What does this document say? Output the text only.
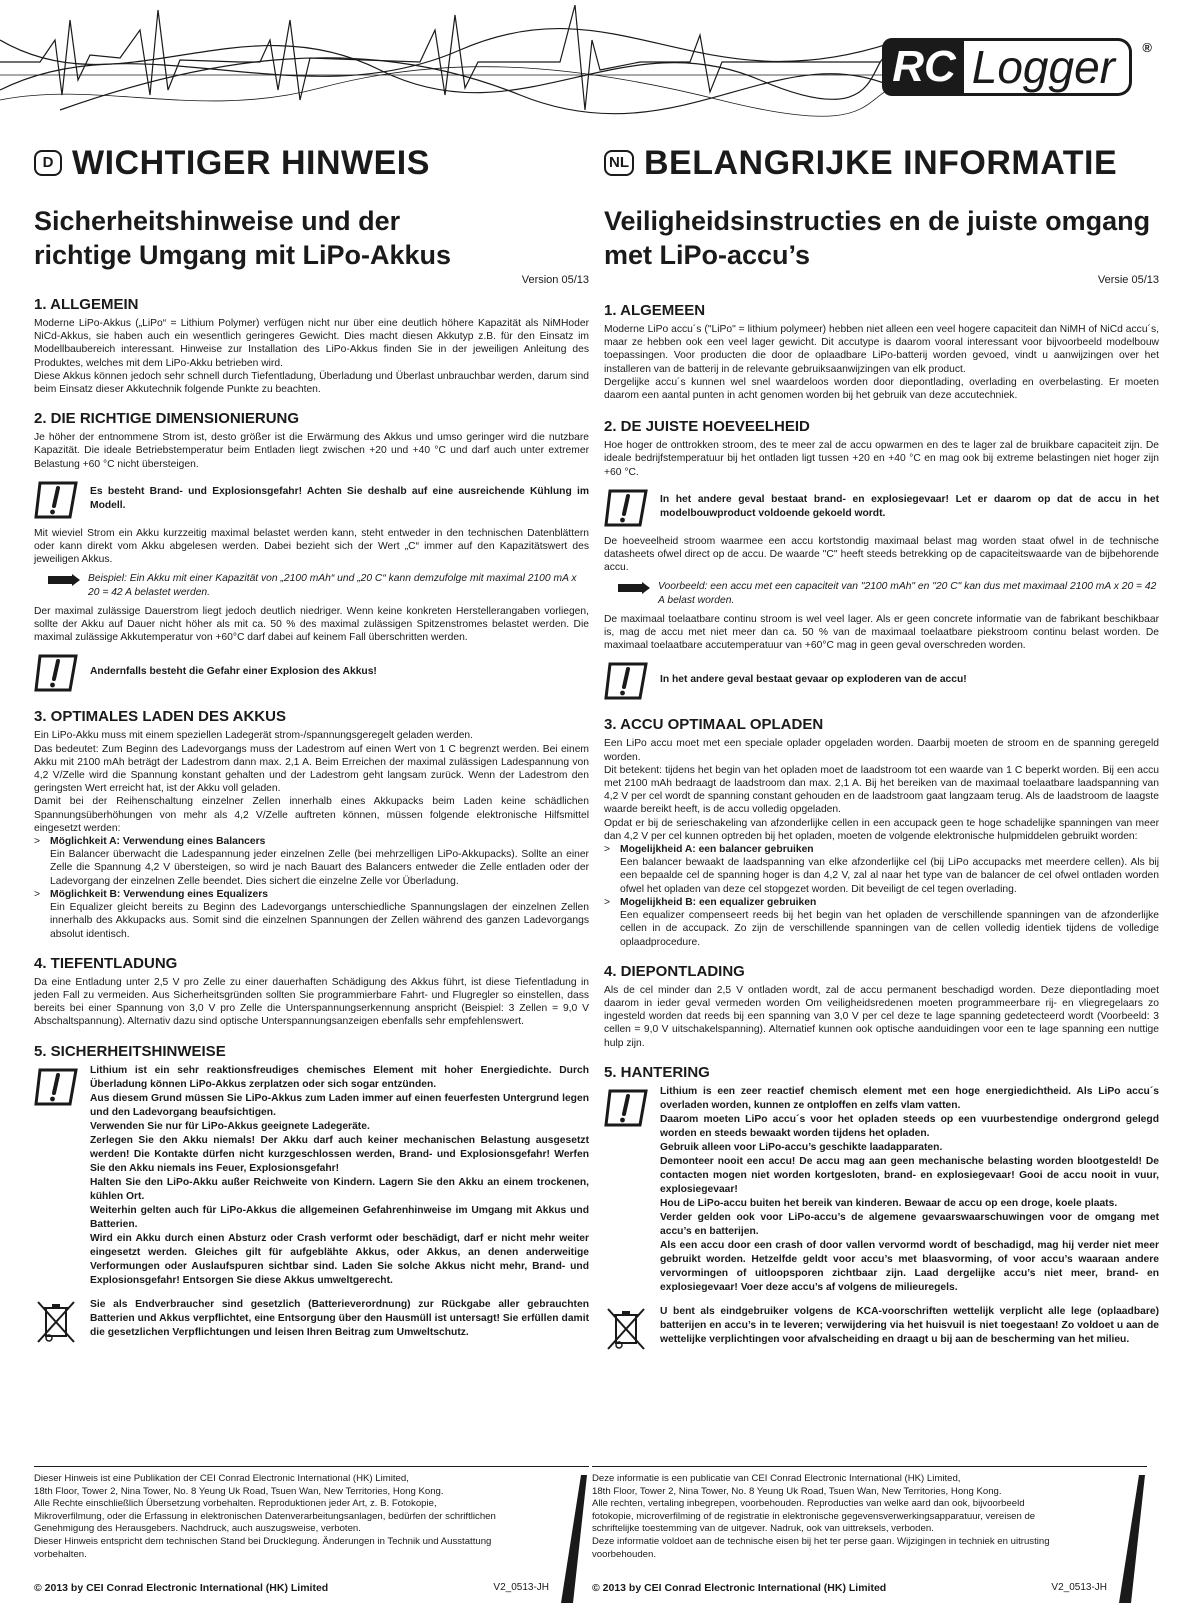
RC Logger	®
D WICHTIGER HINWEIS
Sicherheitshinweise und der richtige Umgang mit LiPo-Akkus
Version 05/13
1. ALLGEMEIN

Moderne LiPo-Akkus („LiPo“ = Lithium Polymer) verfügen nicht nur über eine deutlich höhere Kapazität als NiMHoder NiCd-Akkus, sie haben auch ein wesentlich geringeres Gewicht. Dies macht diesen Akkutyp z.B. für den Einsatz im Modellbaubereich interessant. Hinweise zur Installation des LiPo-Akkus finden Sie in der jeweiligen Anleitung des Produktes, welches mit dem LiPo-Akku betrieben wird.

Diese Akkus können jedoch sehr schnell durch Tiefentladung, Überladung und Überlast unbrauchbar werden, darum sind beim Einsatz dieser Akkutechnik folgende Punkte zu beachten.

2. DIE RICHTIGE DIMENSIONIERUNG

Je höher der entnommene Strom ist, desto größer ist die Erwärmung des Akkus und umso geringer wird die nutzbare Kapazität. Die ideale Betriebstemperatur beim Entladen liegt zwischen +20 und +40 °C und darf auch unter extremer Belastung +60 °C nicht übersteigen.

Es besteht Brand- und Explosionsgefahr! Achten Sie deshalb auf eine ausreichende Kühlung im Modell.

Mit wieviel Strom ein Akku kurzzeitig maximal belastet werden kann, steht entweder in den technischen Datenblättern oder kann direkt vom Akku abgelesen werden. Dabei bezieht sich der Wert „C“ immer auf den Kapazitätswert des jeweiligen Akkus.

Beispiel: Ein Akku mit einer Kapazität von „2100 mAh“ und „20 C“ kann demzufolge mit maximal 2100 mA x 20 = 42 A belastet werden.

Der maximal zulässige Dauerstrom liegt jedoch deutlich niedriger. Wenn keine konkreten Herstellerangaben vorliegen, sollte der Akku auf Dauer nicht höher als mit ca. 50 % des maximal zulässigen Spitzenstromes belastet werden. Die maximal zulässige Akkutemperatur von +60°C darf dabei auf keinem Fall überschritten werden.

Andernfalls besteht die Gefahr einer Explosion des Akkus!
3. OPTIMALES LADEN DES AKKUS

Ein LiPo-Akku muss mit einem speziellen Ladegerät strom-/spannungsgeregelt geladen werden.

Das bedeutet: Zum Beginn des Ladevorgangs muss der Ladestrom auf einen Wert von 1 C begrenzt werden. Bei einem Akku mit 2100 mAh beträgt der Ladestrom dann max. 2,1 A. Beim Erreichen der maximal zulässigen Ladespannung von 4,2 V/Zelle wird die Spannung konstant gehalten und der Ladestrom geht langsam zurück. Wenn der Ladestrom den geringsten Wert erreicht hat, ist der Akku voll geladen.

Damit bei der Reihenschaltung einzelner Zellen innerhalb eines Akkupacks beim Laden keine schädlichen Spannungsüberhöhungen von mehr als 4,2 V/Zelle auftreten können, müssen folgende elektronische Hilfsmittel eingesetzt werden:

> Möglichkeit A: Verwendung eines Balancers
Ein Balancer überwacht die Ladespannung jeder einzelnen Zelle (bei mehrzelligen LiPo-Akkupacks). Sollte an einer Zelle die Spannung 4,2 V übersteigen, so wird je nach Bauart des Balancers entweder die Zelle entladen oder der Ladevorgang der einzelnen Zelle beendet. Dies sichert die einzelne Zelle vor Überladung.
> Möglichkeit B: Verwendung eines Equalizers
Ein Equalizer gleicht bereits zu Beginn des Ladevorgangs unterschiedliche Spannungslagen der einzelnen Zellen innerhalb des Akkupacks aus. Somit sind die einzelnen Spannungen der Zellen während des ganzen Ladevorgangs absolut identisch.
4. TIEFENTLADUNG

Da eine Entladung unter 2,5 V pro Zelle zu einer dauerhaften Schädigung des Akkus führt, ist diese Tiefentladung in jeden Fall zu vermeiden. Aus Sicherheitsgründen sollten Sie programmierbare Fahrt- und Flugregler so einstellen, dass bereits bei einer Spannung von 3,0 V pro Zelle die Unterspannungserkennung anspricht (Beispiel: 3 Zellen = 9,0 V Abschaltspannung). Alternativ dazu sind optische Unterspannungsanzeigen ebenfalls sehr empfehlenswert.

5. SICHERHEITSHINWEISE
Lithium ist ein sehr reaktionsfreudiges chemisches Element mit hoher Energiedichte. Durch Überladung können LiPo-Akkus zerplatzen oder sich sogar entzünden.
Aus diesem Grund müssen Sie LiPo-Akkus zum Laden immer auf einen feuerfesten Untergrund legen und den Ladevorgang beaufsichtigen.
Verwenden Sie nur für LiPo-Akkus geeignete Ladegeräte.
Zerlegen Sie den Akku niemals! Der Akku darf auch keiner mechanischen Belastung ausgesetzt werden! Die Kontakte dürfen nicht kurzgeschlossen werden, Brand- und Explosionsgefahr! Werfen Sie den Akku niemals ins Feuer, Explosionsgefahr!
Halten Sie den LiPo-Akku außer Reichweite von Kindern. Lagern Sie den Akku an einem trockenen, kühlen Ort.
Weiterhin gelten auch für LiPo-Akkus die allgemeinen Gefahrenhinweise im Umgang mit Akkus und Batterien.
Wird ein Akku durch einen Absturz oder Crash verformt oder beschädigt, darf er nicht mehr weiter eingesetzt werden. Gleiches gilt für aufgeblähte Akkus, oder Akkus, an denen anderweitige Verformungen oder Auslaufspuren sichtbar sind. Laden Sie solche Akkus nicht mehr, Brand- und Explosionsgefahr! Entsorgen Sie diese Akkus umweltgerecht.
Sie als Endverbraucher sind gesetzlich (Batterieverordnung) zur Rückgabe aller gebrauchten Batterien und Akkus verpflichtet, eine Entsorgung über den Hausmüll ist untersagt! Sie erfüllen damit die gesetzlichen Verpflichtungen und leisen Ihren Beitrag zum Umweltschutz.
NL BELANGRIJKE INFORMATIE
Veiligheidsinstructies en de juiste omgang met LiPo-accu’s
Versie 05/13
1. ALGEMEEN

Moderne LiPo accu´s ("LiPo" = lithium polymeer) hebben niet alleen een veel hogere capaciteit dan NiMH of NiCd accu´s, maar ze hebben ook een veel lager gewicht. Dit accutype is daarom vooral interessant voor bijvoorbeeld modelbouw toepassingen. Voor producten die door de oplaadbare LiPo-batterij worden gevoed, vindt u aanwijzingen over het installeren van de batterij in de relevante gebruiksaanwijzingen van elk product.

Dergelijke accu´s kunnen wel snel waardeloos worden door diepontlading, overlading en overbelasting. Er moeten daarom een aantal punten in acht genomen worden bij het gebruik van deze accutechniek.

2. DE JUISTE HOEVEELHEID

Hoe hoger de onttrokken stroom, des te meer zal de accu opwarmen en des te lager zal de bruikbare capaciteit zijn. De ideale bedrijfstemperatuur bij het ontladen ligt tussen +20 en +40 °C en mag ook bij extreme belastingen niet hoger zijn +60 °C.

In het andere geval bestaat brand- en explosiegevaar! Let er daarom op dat de accu in het modelbouwproduct voldoende gekoeld wordt.

De hoeveelheid stroom waarmee een accu kortstondig maximaal belast mag worden staat ofwel in de technische datasheets ofwel direct op de accu. De waarde "C" heeft steeds betrekking op de capaciteitswaarde van de bijbehorende accu.

Voorbeeld: een accu met een capaciteit van "2100 mAh" en "20 C" kan dus met maximaal 2100 mA x 20 = 42 A belast worden.

De maximaal toelaatbare continu stroom is wel veel lager. Als er geen concrete informatie van de fabrikant beschikbaar is, mag de accu met niet meer dan ca. 50 % van de maximaal toelaatbare piekstroom continu belast worden. De maximaal toelaatbare accutemperatuur van +60°C mag in geen geval overschreden worden.

In het andere geval bestaat gevaar op exploderen van de accu!
3. ACCU OPTIMAAL OPLADEN

Een LiPo accu moet met een speciale oplader opgeladen worden. Daarbij moeten de stroom en de spanning geregeld worden.

Dit betekent: tijdens het begin van het opladen moet de laadstroom tot een waarde van 1 C beperkt worden. Bij een accu met 2100 mAh bedraagt de laadstroom dan max. 2,1 A. Bij het bereiken van de maximaal toelaatbare laadspanning van 4,2 V per cel wordt de spanning constant gehouden en de laadstroom gaat langzaam terug. Als de laadstroom de laagste waarde bereikt heeft, is de accu volledig opgeladen.

Opdat er bij de serieschakeling van afzonderlijke cellen in een accupack geen te hoge schadelijke spanningen van meer dan 4,2 V per cel kunnen optreden bij het opladen, moeten de volgende elektronische hulpmiddelen gebruikt worden:

> Mogelijkheid A: een balancer gebruiken
Een balancer bewaakt de laadspanning van elke afzonderlijke cel (bij LiPo accupacks met meerdere cellen). Als bij een bepaalde cel de spanning hoger is dan 4,2 V, zal al naar het type van de balancer de cel ofwel ontladen worden ofwel het opladen van deze cel stopgezet worden. Dit beveiligt de cel tegen overlading.
> Mogelijkheid B: een equalizer gebruiken
Een equalizer compenseert reeds bij het begin van het opladen de verschillende spanningen van de afzonderlijke cellen in de accupack. Zo zijn de verschillende spanningen van de cellen volledig identiek tijdens de volledige oplaadprocedure.
4. DIEPONTLADING

Als de cel minder dan 2,5 V ontladen wordt, zal de accu permanent beschadigd worden. Deze diepontlading moet daarom in ieder geval vermeden worden Om veiligheidsredenen moeten programmeerbare rij- en vliegregelaars zo ingesteld worden dat reeds bij een spanning van 3,0 V per cel deze te lage spanning gedetecteerd wordt (Voorbeeld: 3 cellen = 9,0 V uitschakelspanning). Alternatief kunnen ook optische aanduidingen voor een te lage spanning een nuttige hulp zijn.

5. HANTERING
Lithium is een zeer reactief chemisch element met een hoge energiedichtheid. Als LiPo accu´s overladen worden, kunnen ze ontploffen en zelfs vlam vatten.
Daarom moeten LiPo accu´s voor het opladen steeds op een vuurbestendige ondergrond gelegd worden en steeds bewaakt worden tijdens het opladen.
Gebruik alleen voor LiPo-accu’s geschikte laadapparaten.
Demonteer nooit een accu! De accu mag aan geen mechanische belasting worden blootgesteld! De contacten mogen niet worden kortgesloten, brand- en explosiegevaar! Gooi de accu nooit in vuur, explosiegevaar!
Hou de LiPo-accu buiten het bereik van kinderen. Bewaar de accu op een droge, koele plaats.
Verder gelden ook voor LiPo-accu’s de algemene gevaarswaarschuwingen voor de omgang met accu’s en batterijen.
Als een accu door een crash of door vallen vervormd wordt of beschadigd, mag hij verder niet meer gebruikt worden. Hetzelfde geldt voor accu’s met blaasvorming, of voor accu’s waaraan andere vervormingen of uitloopsporen zichtbaar zijn. Laad dergelijke accu’s niet meer, brand- en explosiegevaar! Voer deze accu’s af volgens de milieuregels.
U bent als eindgebruiker volgens de KCA-voorschriften wettelijk verplicht alle lege (oplaadbare) batterijen en accu’s in te leveren; verwijdering via het huisvuil is niet toegestaan! Zo voldoet u aan de wettelijke verplichtingen voor afvalscheiding en draagt u bij aan de bescherming van het milieu.

Dieser Hinweis ist eine Publikation der CEI Conrad Electronic International (HK) Limited,

18th Floor, Tower 2, Nina Tower, No. 8 Yeung Uk Road, Tsuen Wan, New Territories, Hong Kong.

Alle Rechte einschließlich Übersetzung vorbehalten. Reproduktionen jeder Art, z. B. Fotokopie,

Mikroverfilmung, oder die Erfassung in elektronischen Datenverarbeitungsanlagen, bedürfen der schriftlichen

Genehmigung des Herausgebers. Nachdruck, auch auszugsweise, verboten.

Dieser Hinweis entspricht dem technischen Stand bei Drucklegung. Änderungen in Technik und Ausstattung

vorbehalten.

© 2013 by CEI Conrad Electronic International (HK) Limited	V2_0513-JH

Deze informatie is een publicatie van CEI Conrad Electronic International (HK) Limited,

18th Floor, Tower 2, Nina Tower, No. 8 Yeung Uk Road, Tsuen Wan, New Territories, Hong Kong.

Alle rechten, vertaling inbegrepen, voorbehouden. Reproducties van welke aard dan ook, bijvoorbeeld

fotokopie, microverfilming of de registratie in elektronische gegevensverwerkingsapparatuur, vereisen de

schriftelijke toestemming van de uitgever. Nadruk, ook van uittreksels, verboden.

Deze informatie voldoet aan de technische eisen bij het ter perse gaan. Wijzigingen in techniek en uitrusting

voorbehouden.

© 2013 by CEI Conrad Electronic International (HK) Limited	V2_0513-JH
